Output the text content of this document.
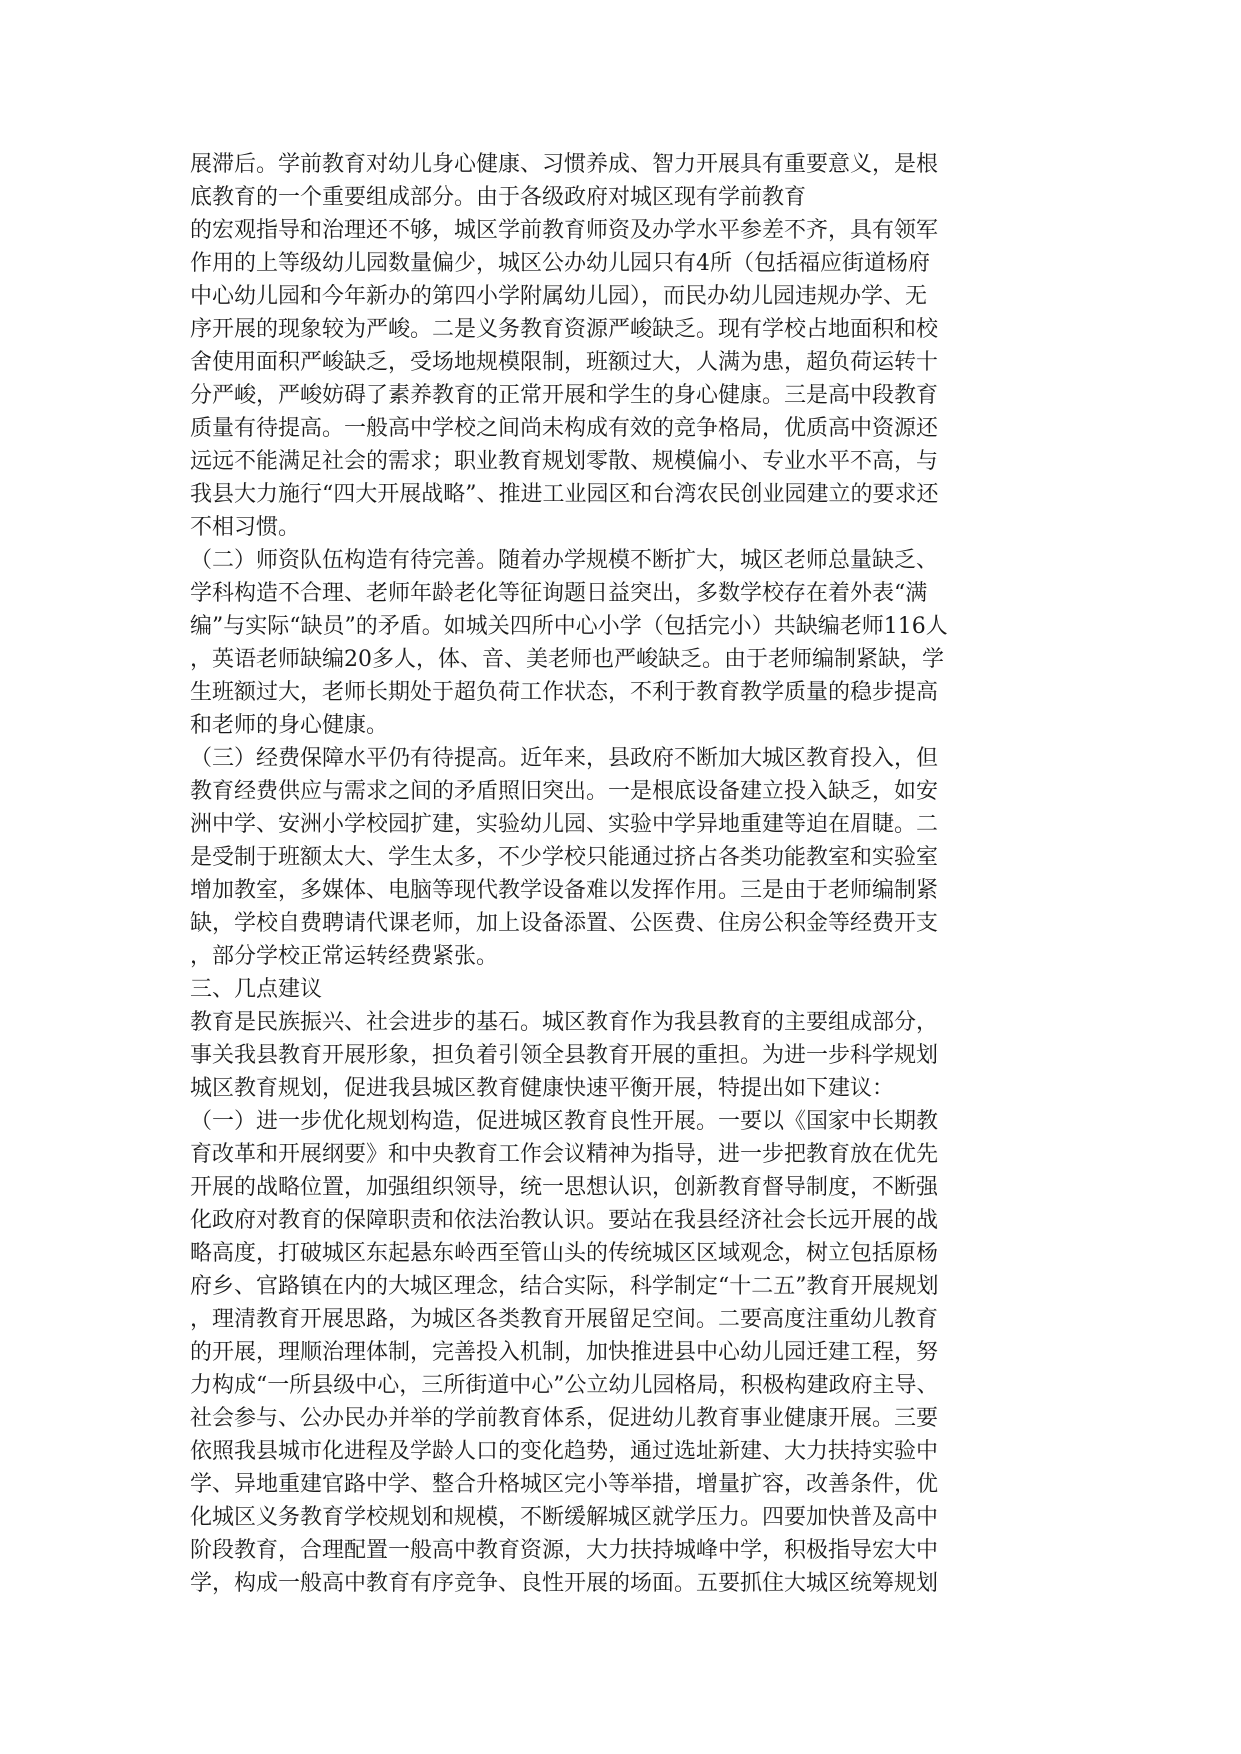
展滞后。学前教育对幼儿身心健康、习惯养成、智力开展具有重要意义，是根
底教育的一个重要组成部分。由于各级政府对城区现有学前教育
的宏观指导和治理还不够，城区学前教育师资及办学水平参差不齐，具有领军
作用的上等级幼儿园数量偏少，城区公办幼儿园只有4所（包括福应街道杨府
中心幼儿园和今年新办的第四小学附属幼儿园），而民办幼儿园违规办学、无
序开展的现象较为严峻。二是义务教育资源严峻缺乏。现有学校占地面积和校
舍使用面积严峻缺乏，受场地规模限制，班额过大，人满为患，超负荷运转十
分严峻，严峻妨碍了素养教育的正常开展和学生的身心健康。三是高中段教育
质量有待提高。一般高中学校之间尚未构成有效的竞争格局，优质高中资源还
远远不能满足社会的需求；职业教育规划零散、规模偏小、专业水平不高，与
我县大力施行“四大开展战略”、推进工业园区和台湾农民创业园建立的要求还
不相习惯。
（二）师资队伍构造有待完善。随着办学规模不断扩大，城区老师总量缺乏、
学科构造不合理、老师年龄老化等征询题日益突出，多数学校存在着外表“满
编”与实际“缺员”的矛盾。如城关四所中心小学（包括完小）共缺编老师116人
，英语老师缺编20多人，体、音、美老师也严峻缺乏。由于老师编制紧缺，学
生班额过大，老师长期处于超负荷工作状态，不利于教育教学质量的稳步提高
和老师的身心健康。
（三）经费保障水平仍有待提高。近年来，县政府不断加大城区教育投入，但
教育经费供应与需求之间的矛盾照旧突出。一是根底设备建立投入缺乏，如安
洲中学、安洲小学校园扩建，实验幼儿园、实验中学异地重建等迫在眉睫。二
是受制于班额太大、学生太多，不少学校只能通过挤占各类功能教室和实验室
增加教室，多媒体、电脑等现代教学设备难以发挥作用。三是由于老师编制紧
缺，学校自费聘请代课老师，加上设备添置、公医费、住房公积金等经费开支
，部分学校正常运转经费紧张。
三、几点建议
教育是民族振兴、社会进步的基石。城区教育作为我县教育的主要组成部分，
事关我县教育开展形象，担负着引领全县教育开展的重担。为进一步科学规划
城区教育规划，促进我县城区教育健康快速平衡开展，特提出如下建议：
（一）进一步优化规划构造，促进城区教育良性开展。一要以《国家中长期教
育改革和开展纲要》和中央教育工作会议精神为指导，进一步把教育放在优先
开展的战略位置，加强组织领导，统一思想认识，创新教育督导制度，不断强
化政府对教育的保障职责和依法治教认识。要站在我县经济社会长远开展的战
略高度，打破城区东起悬东岭西至管山头的传统城区区域观念，树立包括原杨
府乡、官路镇在内的大城区理念，结合实际，科学制定“十二五”教育开展规划
，理清教育开展思路，为城区各类教育开展留足空间。二要高度注重幼儿教育
的开展，理顺治理体制，完善投入机制，加快推进县中心幼儿园迁建工程，努
力构成“一所县级中心，三所街道中心”公立幼儿园格局，积极构建政府主导、
社会参与、公办民办并举的学前教育体系，促进幼儿教育事业健康开展。三要
依照我县城市化进程及学龄人口的变化趋势，通过选址新建、大力扶持实验中
学、异地重建官路中学、整合升格城区完小等举措，增量扩容，改善条件，优
化城区义务教育学校规划和规模，不断缓解城区就学压力。四要加快普及高中
阶段教育，合理配置一般高中教育资源，大力扶持城峰中学，积极指导宏大中
学，构成一般高中教育有序竞争、良性开展的场面。五要抓住大城区统筹规划
